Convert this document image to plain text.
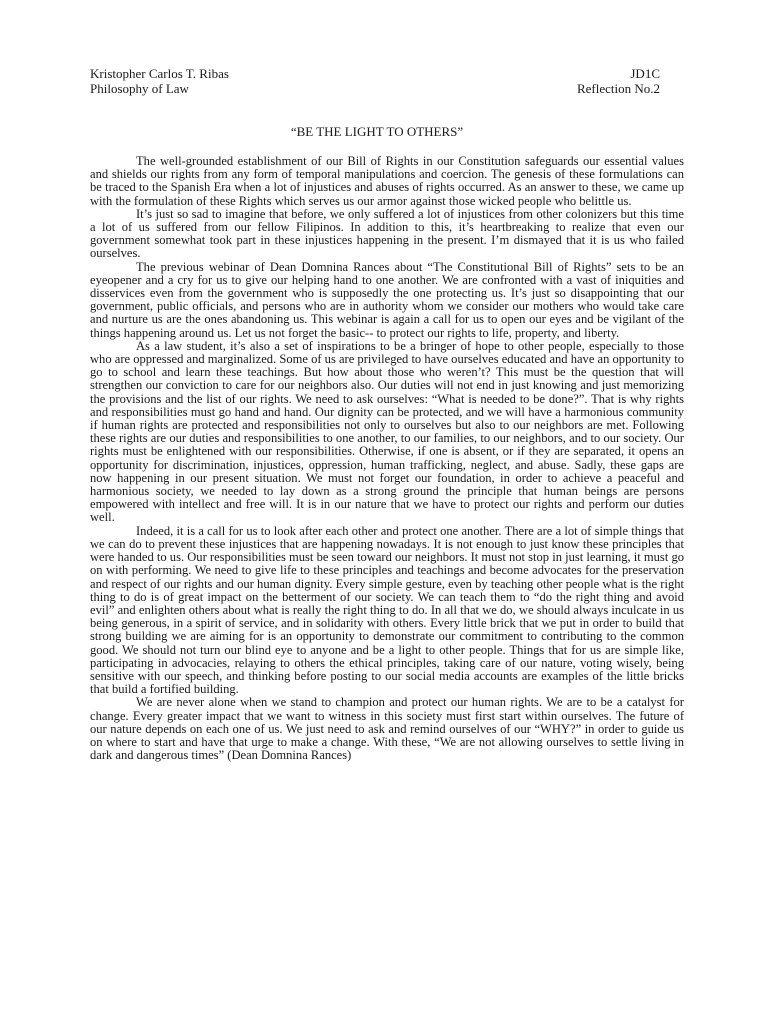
Kristopher Carlos T. Ribas	JD1C
Philosophy of Law	Reflection No.2
“BE THE LIGHT TO OTHERS”

The well-grounded establishment of our Bill of Rights in our Constitution safeguards our essential values and shields our rights from any form of temporal manipulations and coercion. The genesis of these formulations can be traced to the Spanish Era when a lot of injustices and abuses of rights occurred. As an answer to these, we came up with the formulation of these Rights which serves us our armor against those wicked people who belittle us.

It’s just so sad to imagine that before, we only suffered a lot of injustices from other colonizers but this time a lot of us suffered from our fellow Filipinos. In addition to this, it’s heartbreaking to realize that even our government somewhat took part in these injustices happening in the present. I’m dismayed that it is us who failed ourselves.

The previous webinar of Dean Domnina Rances about “The Constitutional Bill of Rights” sets to be an eyeopener and a cry for us to give our helping hand to one another. We are confronted with a vast of iniquities and disservices even from the government who is supposedly the one protecting us. It’s just so disappointing that our government, public officials, and persons who are in authority whom we consider our mothers who would take care and nurture us are the ones abandoning us. This webinar is again a call for us to open our eyes and be vigilant of the things happening around us. Let us not forget the basic-- to protect our rights to life, property, and liberty.

As a law student, it’s also a set of inspirations to be a bringer of hope to other people, especially to those who are oppressed and marginalized. Some of us are privileged to have ourselves educated and have an opportunity to go to school and learn these teachings. But how about those who weren’t? This must be the question that will strengthen our conviction to care for our neighbors also. Our duties will not end in just knowing and just memorizing the provisions and the list of our rights. We need to ask ourselves: “What is needed to be done?”. That is why rights and responsibilities must go hand and hand. Our dignity can be protected, and we will have a harmonious community if human rights are protected and responsibilities not only to ourselves but also to our neighbors are met. Following these rights are our duties and responsibilities to one another, to our families, to our neighbors, and to our society. Our rights must be enlightened with our responsibilities. Otherwise, if one is absent, or if they are separated, it opens an opportunity for discrimination, injustices, oppression, human trafficking, neglect, and abuse. Sadly, these gaps are now happening in our present situation. We must not forget our foundation, in order to achieve a peaceful and harmonious society, we needed to lay down as a strong ground the principle that human beings are persons empowered with intellect and free will. It is in our nature that we have to protect our rights and perform our duties well.

Indeed, it is a call for us to look after each other and protect one another. There are a lot of simple things that we can do to prevent these injustices that are happening nowadays. It is not enough to just know these principles that were handed to us. Our responsibilities must be seen toward our neighbors. It must not stop in just learning, it must go on with performing. We need to give life to these principles and teachings and become advocates for the preservation and respect of our rights and our human dignity. Every simple gesture, even by teaching other people what is the right thing to do is of great impact on the betterment of our society. We can teach them to “do the right thing and avoid evil” and enlighten others about what is really the right thing to do. In all that we do, we should always inculcate in us being generous, in a spirit of service, and in solidarity with others. Every little brick that we put in order to build that strong building we are aiming for is an opportunity to demonstrate our commitment to contributing to the common good. We should not turn our blind eye to anyone and be a light to other people. Things that for us are simple like, participating in advocacies, relaying to others the ethical principles, taking care of our nature, voting wisely, being sensitive with our speech, and thinking before posting to our social media accounts are examples of the little bricks that build a fortified building.

We are never alone when we stand to champion and protect our human rights. We are to be a catalyst for change. Every greater impact that we want to witness in this society must first start within ourselves. The future of our nature depends on each one of us. We just need to ask and remind ourselves of our “WHY?” in order to guide us on where to start and have that urge to make a change. With these, “We are not allowing ourselves to settle living in dark and dangerous times” (Dean Domnina Rances)
